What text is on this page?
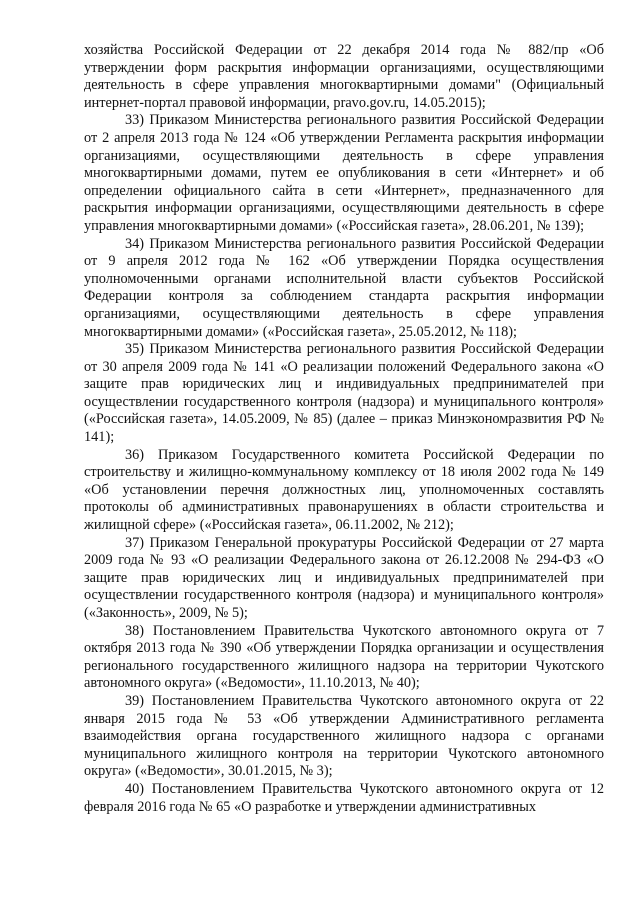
хозяйства Российской Федерации от 22 декабря 2014 года № 882/пр «Об утверждении форм раскрытия информации организациями, осуществляющими деятельность в сфере управления многоквартирными домами" (Официальный интернет-портал правовой информации, pravo.gov.ru, 14.05.2015);

33) Приказом Министерства регионального развития Российской Федерации от 2 апреля 2013 года № 124 «Об утверждении Регламента раскрытия информации организациями, осуществляющими деятельность в сфере управления многоквартирными домами, путем ее опубликования в сети «Интернет» и об определении официального сайта в сети «Интернет», предназначенного для раскрытия информации организациями, осуществляющими деятельность в сфере управления многоквартирными домами» («Российская газета», 28.06.201, № 139);

34) Приказом Министерства регионального развития Российской Федерации от 9 апреля 2012 года № 162 «Об утверждении Порядка осуществления уполномоченными органами исполнительной власти субъектов Российской Федерации контроля за соблюдением стандарта раскрытия информации организациями, осуществляющими деятельность в сфере управления многоквартирными домами» («Российская газета», 25.05.2012, № 118);

35) Приказом Министерства регионального развития Российской Федерации от 30 апреля 2009 года № 141 «О реализации положений Федерального закона «О защите прав юридических лиц и индивидуальных предпринимателей при осуществлении государственного контроля (надзора) и муниципального контроля» («Российская газета», 14.05.2009, № 85) (далее – приказ Минэкономразвития РФ № 141);

36) Приказом Государственного комитета Российской Федерации по строительству и жилищно-коммунальному комплексу от 18 июля 2002 года № 149 «Об установлении перечня должностных лиц, уполномоченных составлять протоколы об административных правонарушениях в области строительства и жилищной сфере» («Российская газета», 06.11.2002, № 212);

37) Приказом Генеральной прокуратуры Российской Федерации от 27 марта 2009 года № 93 «О реализации Федерального закона от 26.12.2008 № 294-ФЗ «О защите прав юридических лиц и индивидуальных предпринимателей при осуществлении государственного контроля (надзора) и муниципального контроля» («Законность», 2009, № 5);

38) Постановлением Правительства Чукотского автономного округа от 7 октября 2013 года № 390 «Об утверждении Порядка организации и осуществления регионального государственного жилищного надзора на территории Чукотского автономного округа» («Ведомости», 11.10.2013, № 40);

39) Постановлением Правительства Чукотского автономного округа от 22 января 2015 года № 53 «Об утверждении Административного регламента взаимодействия органа государственного жилищного надзора с органами муниципального жилищного контроля на территории Чукотского автономного округа» («Ведомости», 30.01.2015, № 3);

40) Постановлением Правительства Чукотского автономного округа от 12 февраля 2016 года № 65 «О разработке и утверждении административных
